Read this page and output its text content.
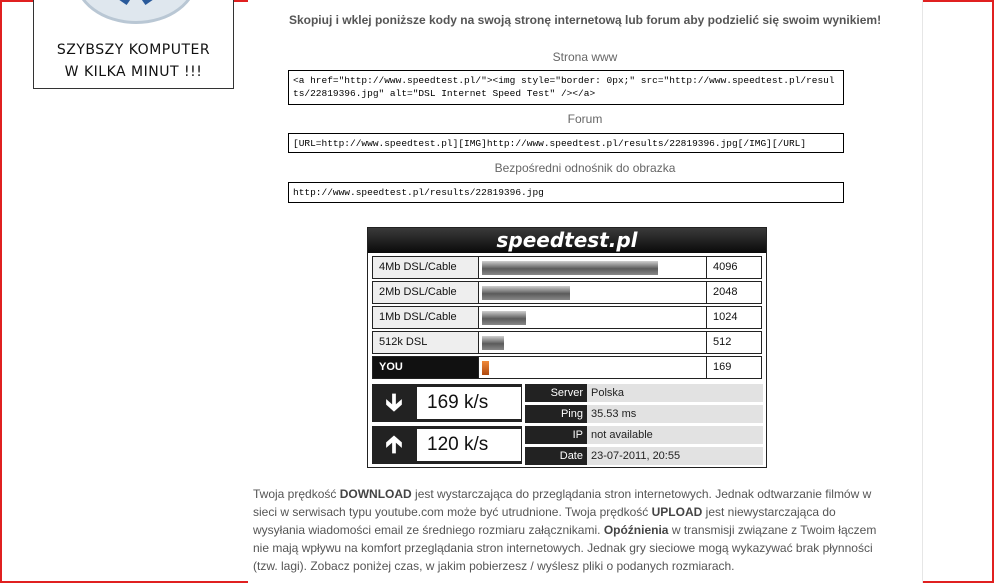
SZYBSZY KOMPUTER
W KILKA MINUT !!!
Skopiuj i wklej poniższe kody na swoją stronę internetową lub forum aby podzielić się swoim wynikiem!
Strona www
<a href="http://www.speedtest.pl/"><img style="border: 0px;" src="http://www.speedtest.pl/results/22819396.jpg" alt="DSL Internet Speed Test" /></a>
Forum
[URL=http://www.speedtest.pl][IMG]http://www.speedtest.pl/results/22819396.jpg[/IMG][/URL]
Bezpośredni odnośnik do obrazka
http://www.speedtest.pl/results/22819396.jpg
speedtest.pl
4Mb DSL/Cable	4096
2Mb DSL/Cable	2048
1Mb DSL/Cable	1024
512k DSL	512
YOU	169
🡳	169 k/s
🡱	120 k/s
Server Polska
Ping 35.53 ms
IP not available
Date 23-07-2011, 20:55
Twoja prędkość DOWNLOAD jest wystarczająca do przeglądania stron internetowych. Jednak odtwarzanie filmów w sieci w serwisach typu youtube.com może być utrudnione. Twoja prędkość UPLOAD jest niewystarczająca do wysyłania wiadomości email ze średniego rozmiaru załącznikami. Opóźnienia w transmisji związane z Twoim łączem nie mają wpływu na komfort przeglądania stron internetowych. Jednak gry sieciowe mogą wykazywać brak płynności (tzw. lagi). Zobacz poniżej czas, w jakim pobierzesz / wyślesz pliki o podanych rozmiarach.
